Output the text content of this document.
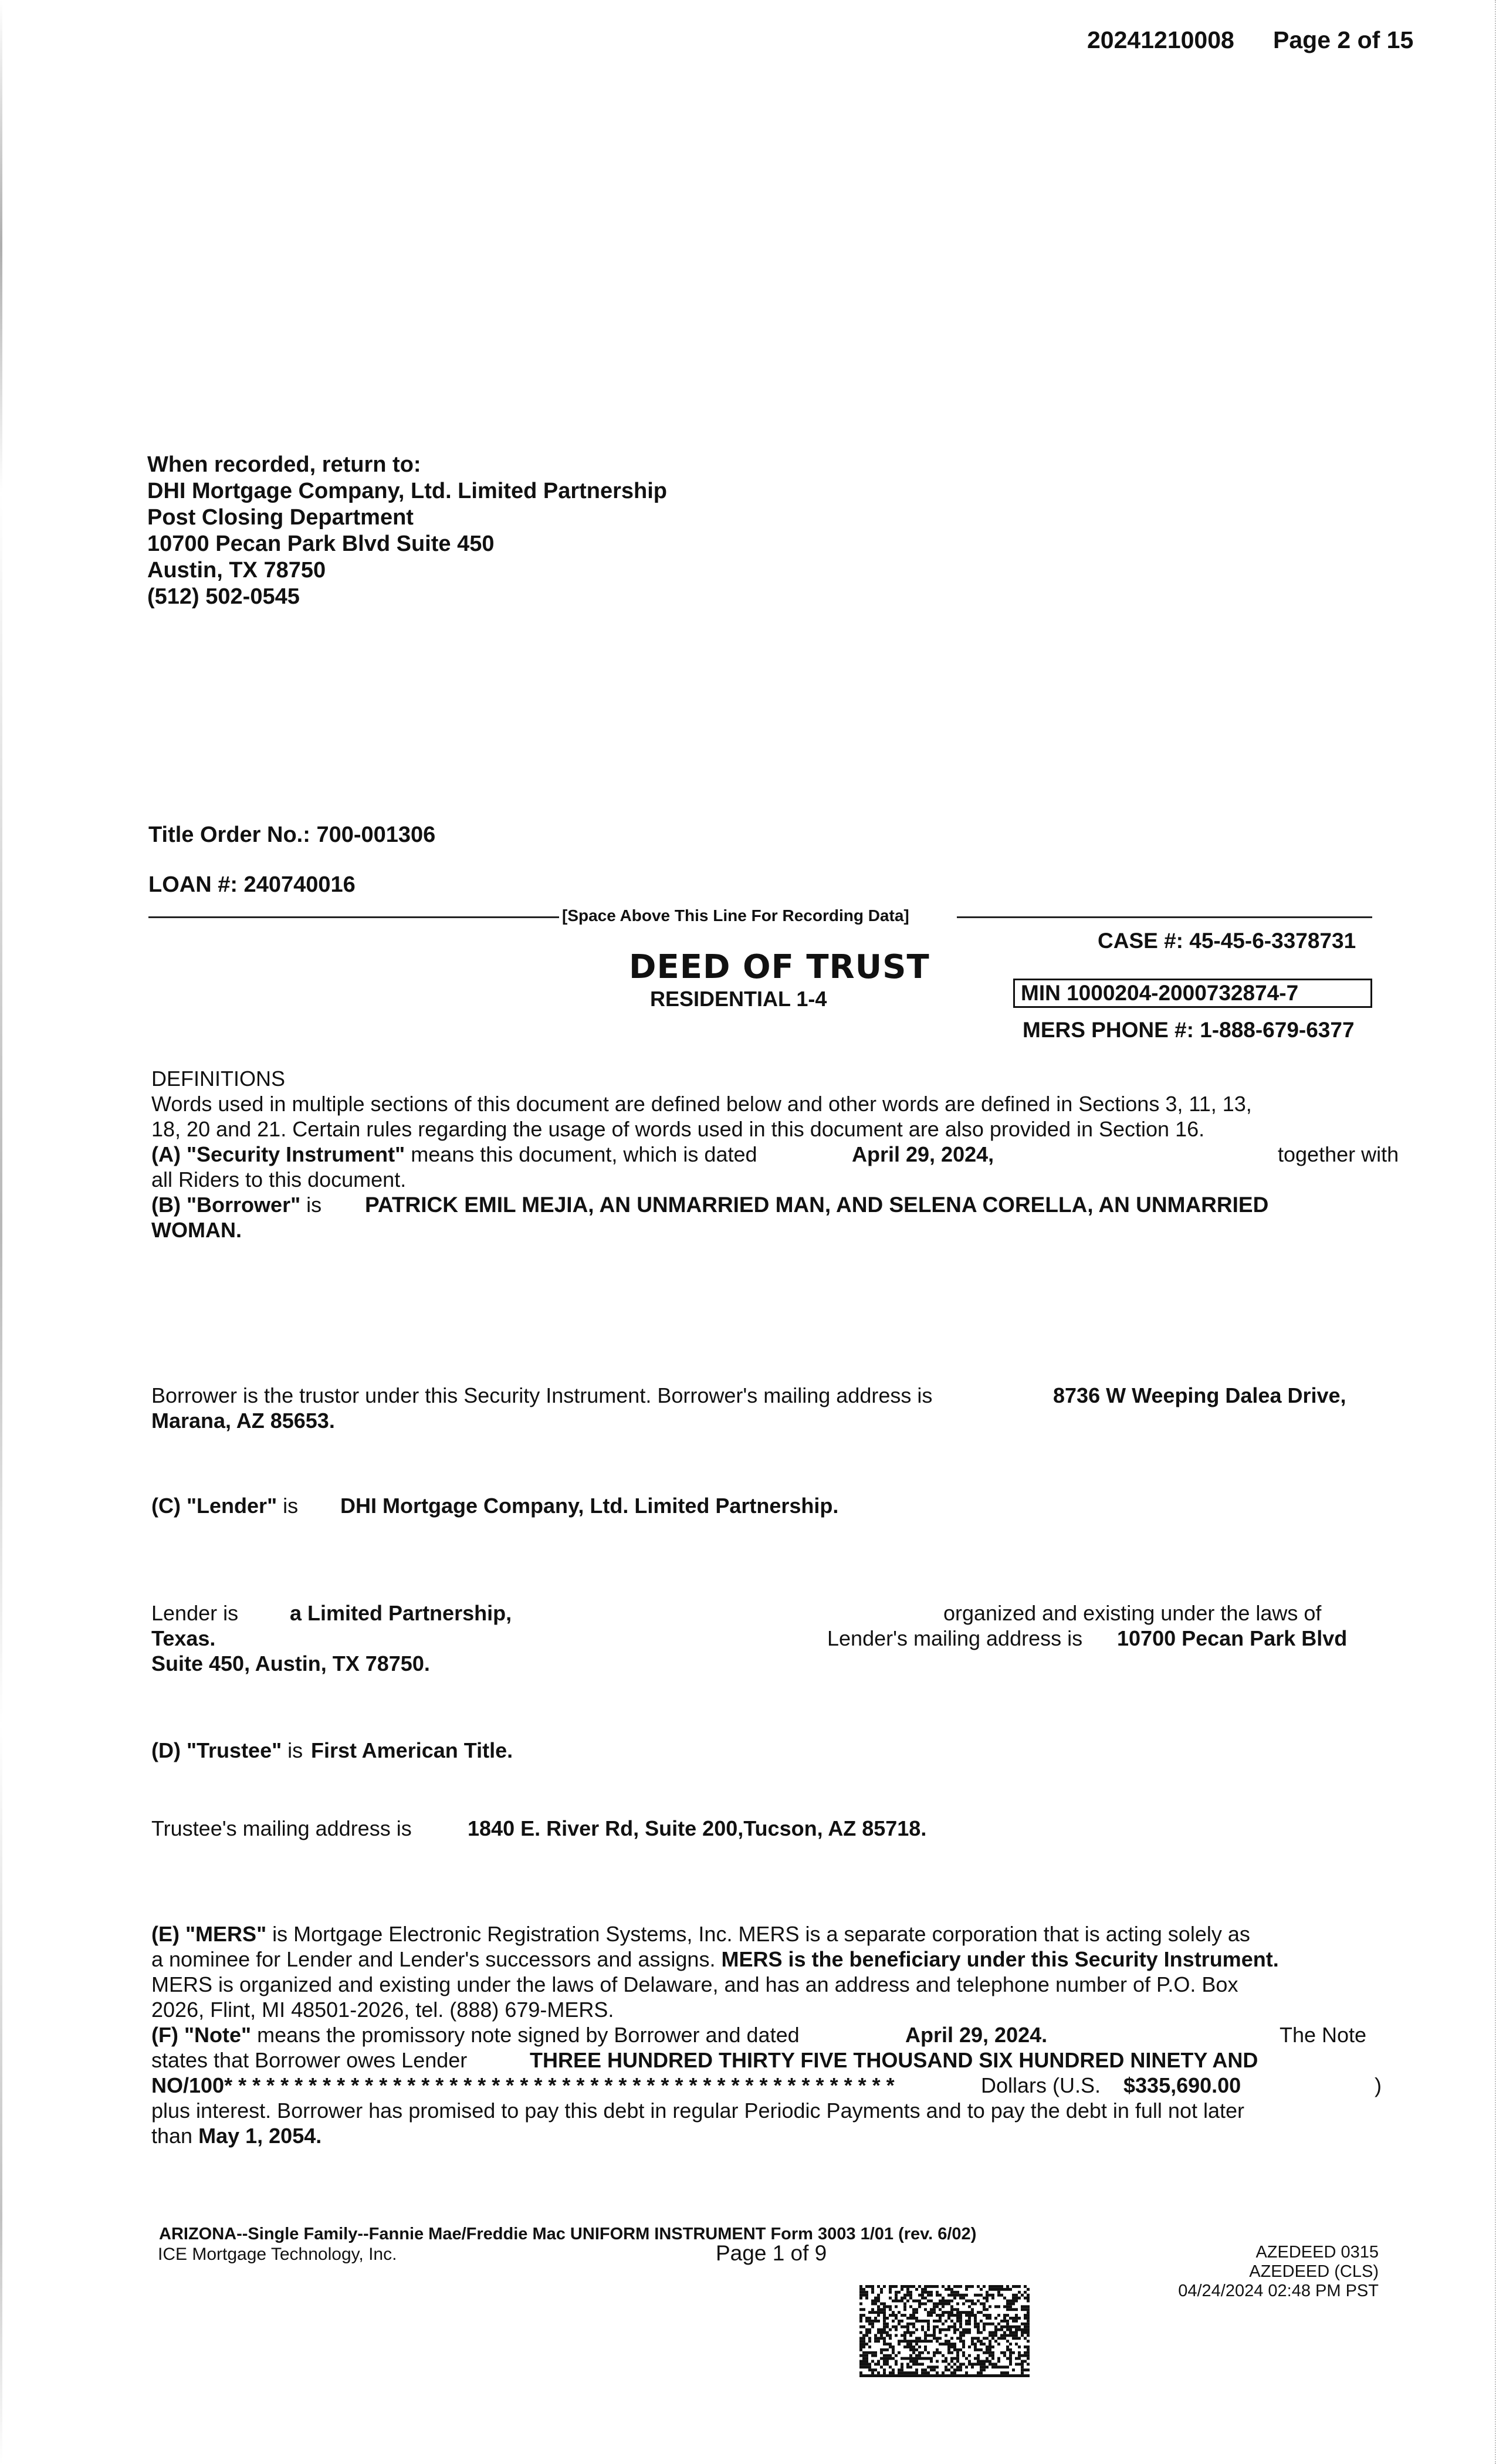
20241210008 Page 2 of 15
When recorded, return to:
DHI Mortgage Company, Ltd. Limited Partnership
Post Closing Department
10700 Pecan Park Blvd Suite 450
Austin, TX 78750
(512) 502-0545
Title Order No.: 700-001306
LOAN #: 240740016
[Space Above This Line For Recording Data]
CASE #: 45-45-6-3378731
DEED OF TRUST
RESIDENTIAL 1-4	MIN 1000204-2000732874-7
MERS PHONE #: 1-888-679-6377
DEFINITIONS
Words used in multiple sections of this document are defined below and other words are defined in Sections 3, 11, 13,
18, 20 and 21. Certain rules regarding the usage of words used in this document are also provided in Section 16.
(A) "Security Instrument" means this document, which is dated	April 29, 2024,	together with
all Riders to this document.
(B) "Borrower" is PATRICK EMIL MEJIA, AN UNMARRIED MAN, AND SELENA CORELLA, AN UNMARRIED
WOMAN.
Borrower is the trustor under this Security Instrument. Borrower's mailing address is	8736 W Weeping Dalea Drive,
Marana, AZ 85653.
(C) "Lender" is DHI Mortgage Company, Ltd. Limited Partnership.
Lender is a Limited Partnership,	organized and existing under the laws of
Texas.	Lender's mailing address is 10700 Pecan Park Blvd
Suite 450, Austin, TX 78750.
(D) "Trustee" is First American Title.
Trustee's mailing address is	1840 E. River Rd, Suite 200,Tucson, AZ 85718.
(E) "MERS" is Mortgage Electronic Registration Systems, Inc. MERS is a separate corporation that is acting solely as
a nominee for Lender and Lender's successors and assigns. MERS is the beneficiary under this Security Instrument.
MERS is organized and existing under the laws of Delaware, and has an address and telephone number of P.O. Box
2026, Flint, MI 48501-2026, tel. (888) 679-MERS.
(F) "Note" means the promissory note signed by Borrower and dated	April 29, 2024.	The Note
states that Borrower owes Lender	THREE HUNDRED THIRTY FIVE THOUSAND SIX HUNDRED NINETY AND
NO/100* * * * * * * * * * * * * * * * * * * * * * * * * * * * * * * * * * * * * * * * * * * * * * * *	Dollars (U.S. $335,690.00	)
plus interest. Borrower has promised to pay this debt in regular Periodic Payments and to pay the debt in full not later
than May 1, 2054.
ARIZONA--Single Family--Fannie Mae/Freddie Mac UNIFORM INSTRUMENT Form 3003 1/01 (rev. 6/02)
ICE Mortgage Technology, Inc.	Page 1 of 9	AZEDEED 0315
AZEDEED (CLS)
04/24/2024 02:48 PM PST
